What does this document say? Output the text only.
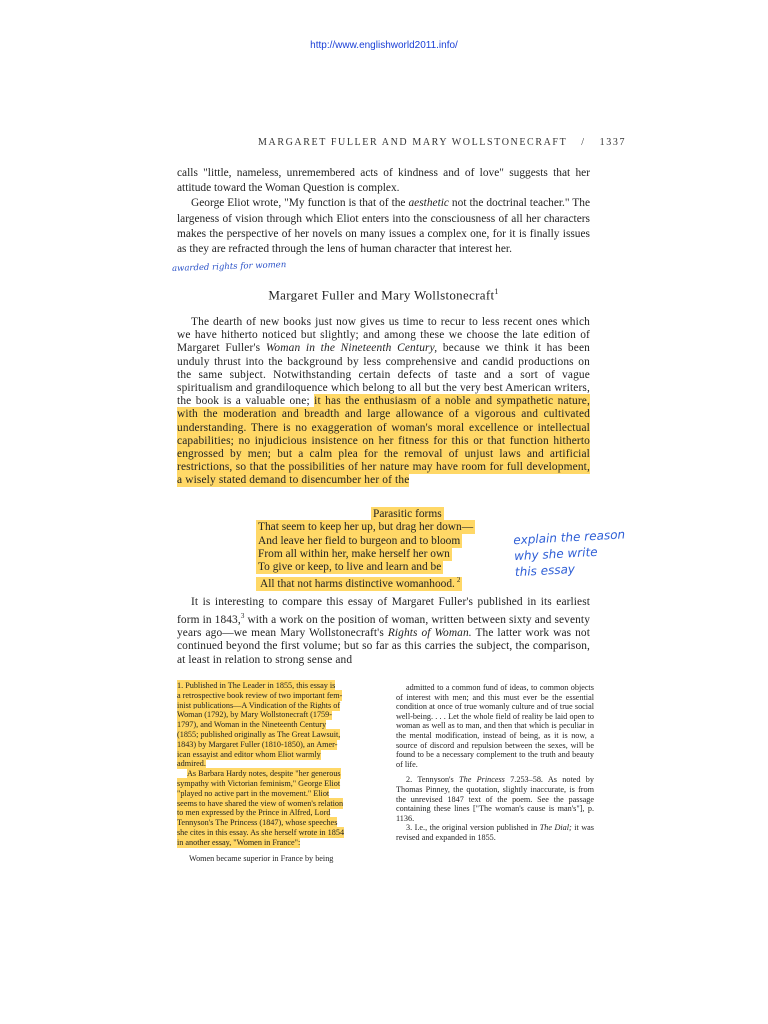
http://www.englishworld2011.info/
MARGARET FULLER AND MARY WOLLSTONECRAFT / 1337

calls "little, nameless, unremembered acts of kindness and of love" suggests that her attitude toward the Woman Question is complex.

George Eliot wrote, "My function is that of the aesthetic not the doctrinal teacher." The largeness of vision through which Eliot enters into the consciousness of all her characters makes the perspective of her novels on many issues a complex one, for it is finally issues as they are refracted through the lens of human character that interest her.

awarded rights for women
Margaret Fuller and Mary Wollstonecraft$^1$
The dearth of new books just now gives us time to recur to less recent ones which we have hitherto noticed but slightly; and among these we choose the late edition of Margaret Fuller's Woman in the Nineteenth Century, because we think it has been unduly thrust into the background by less comprehensive and candid productions on the same subject. Notwithstanding certain defects of taste and a sort of vague spiritualism and grandiloquence which belong to all but the very best American writers, the book is a valuable one; it has the enthusiasm of a noble and sympathetic nature, with the moderation and breadth and large allowance of a vigorous and cultivated understanding. There is no exaggeration of woman's moral excellence or intellectual capabilities; no injudicious insistence on her fitness for this or that function hitherto engrossed by men; but a calm plea for the removal of unjust laws and artificial restrictions, so that the possibilities of her nature may have room for full development, a wisely stated demand to disencumber her of the
Parasitic forms
That seem to keep her up, but drag her down—
And leave her field to burgeon and to bloom
From all within her, make herself her own
To give or keep, to live and learn and be
All that not harms distinctive womanhood. $^2$
explain the reason
why she write
this essay
It is interesting to compare this essay of Margaret Fuller's published in its earliest form in 1843,$^3$ with a work on the position of woman, written between sixty and seventy years ago—we mean Mary Wollstonecraft's Rights of Woman. The latter work was not continued beyond the first volume; but so far as this carries the subject, the comparison, at least in relation to strong sense and
1. Published in The Leader in 1855, this essay is
a retrospective book review of two important fem-
inist publications—A Vindication of the Rights of
Woman (1792), by Mary Wollstonecraft (1759-
1797), and Woman in the Nineteenth Century
(1855; published originally as The Great Lawsuit,
1843) by Margaret Fuller (1810-1850), an Amer-
ican essayist and editor whom Eliot warmly
admired.
As Barbara Hardy notes, despite "her generous
sympathy with Victorian feminism," George Eliot
"played no active part in the movement." Eliot
seems to have shared the view of women's relation
to men expressed by the Prince in Alfred, Lord
Tennyson's The Princess (1847), whose speeches
she cites in this essay. As she herself wrote in 1854
in another essay, "Women in France":

Women became superior in France by being

admitted to a common fund of ideas, to common objects of interest with men; and this must ever be the essential condition at once of true womanly culture and of true social well-being. . . . Let the whole field of reality be laid open to woman as well as to man, and then that which is peculiar in the mental modification, instead of being, as it is now, a source of discord and repulsion between the sexes, will be found to be a necessary complement to the truth and beauty of life.

2. Tennyson's The Princess 7.253–58. As noted by Thomas Pinney, the quotation, slightly inaccurate, is from the unrevised 1847 text of the poem. See the passage containing these lines ["The woman's cause is man's"], p. 1136.

3. I.e., the original version published in The Dial; it was revised and expanded in 1855.
